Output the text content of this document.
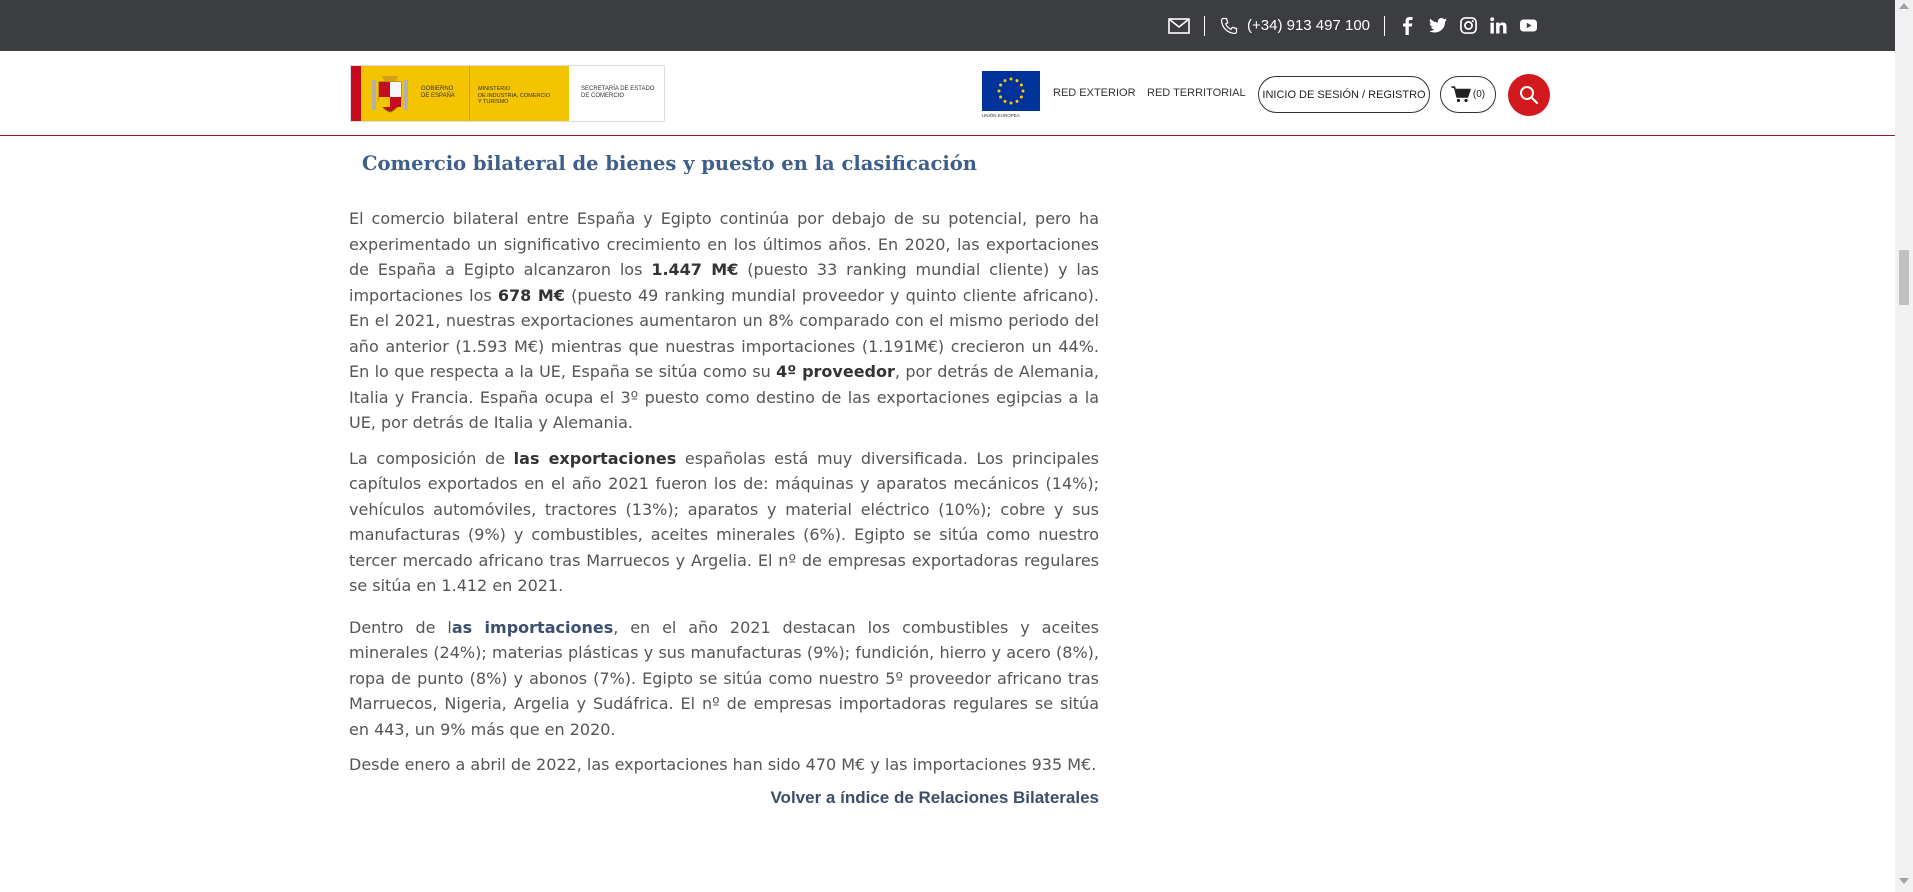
(+34) 913 497 100
GOBIERNO
DE ESPAÑA
MINISTERIO
DE INDUSTRIA, COMERCIO
Y TURISMO
SECRETARÍA DE ESTADO
DE COMERCIO
UNIÓN EUROPEA
RED EXTERIOR RED TERRITORIAL	INICIO DE SESIÓN / REGISTRO	(0)
Comercio bilateral de bienes y puesto en la clasificación

El comercio bilateral entre España y Egipto continúa por debajo de su potencial, pero ha experimentado un significativo crecimiento en los últimos años. En 2020, las exportaciones de España a Egipto alcanzaron los 1.447 M€ (puesto 33 ranking mundial cliente) y las importaciones los 678 M€ (puesto 49 ranking mundial proveedor y quinto cliente africano). En el 2021, nuestras exportaciones aumentaron un 8% comparado con el mismo periodo del año anterior (1.593 M€) mientras que nuestras importaciones (1.191M€) crecieron un 44%. En lo que respecta a la UE, España se sitúa como su 4º proveedor, por detrás de Alemania, Italia y Francia. España ocupa el 3º puesto como destino de las exportaciones egipcias a la UE, por detrás de Italia y Alemania.

La composición de las exportaciones españolas está muy diversificada. Los principales capítulos exportados en el año 2021 fueron los de: máquinas y aparatos mecánicos (14%); vehículos automóviles, tractores (13%); aparatos y material eléctrico (10%); cobre y sus manufacturas (9%) y combustibles, aceites minerales (6%). Egipto se sitúa como nuestro tercer mercado africano tras Marruecos y Argelia. El nº de empresas exportadoras regulares se sitúa en 1.412 en 2021.

Dentro de las importaciones, en el año 2021 destacan los combustibles y aceites minerales (24%); materias plásticas y sus manufacturas (9%); fundición, hierro y acero (8%), ropa de punto (8%) y abonos (7%). Egipto se sitúa como nuestro 5º proveedor africano tras Marruecos, Nigeria, Argelia y Sudáfrica. El nº de empresas importadoras regulares se sitúa en 443, un 9% más que en 2020.

Desde enero a abril de 2022, las exportaciones han sido 470 M€ y las importaciones 935 M€.

Volver a índice de Relaciones Bilaterales
